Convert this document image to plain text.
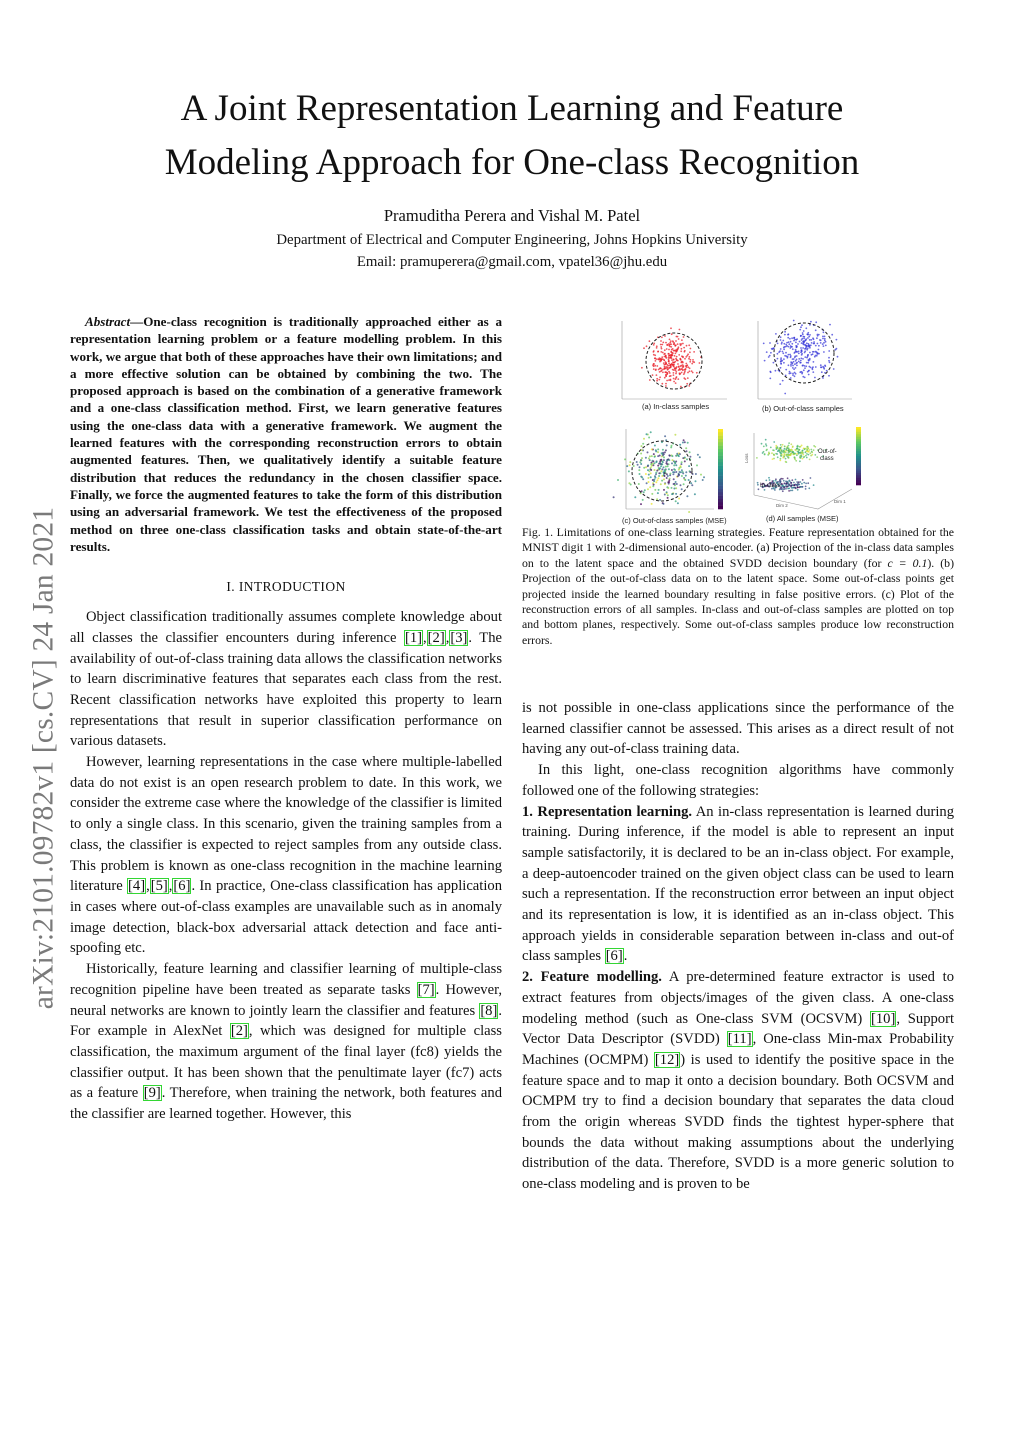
arXiv:2101.09782v1 [cs.CV] 24 Jan 2021
A Joint Representation Learning and Feature
Modeling Approach for One-class Recognition
Pramuditha Perera and Vishal M. Patel
Department of Electrical and Computer Engineering, Johns Hopkins University
Email: pramuperera@gmail.com, vpatel36@jhu.edu

Abstract—One-class recognition is traditionally approached either as a representation learning problem or a feature modelling problem. In this work, we argue that both of these approaches have their own limitations; and a more effective solution can be obtained by combining the two. The proposed approach is based on the combination of a generative framework and a one-class classification method. First, we learn generative features using the one-class data with a generative framework. We augment the learned features with the corresponding reconstruction errors to obtain augmented features. Then, we qualitatively identify a suitable feature distribution that reduces the redundancy in the chosen classifier space. Finally, we force the augmented features to take the form of this distribution using an adversarial framework. We test the effectiveness of the proposed method on three one-class classification tasks and obtain state-of-the-art results.

I. INTRODUCTION

Object classification traditionally assumes complete knowledge about all classes the classifier encounters during inference [1],[2],[3]. The availability of out-of-class training data allows the classification networks to learn discriminative features that separates each class from the rest. Recent classification networks have exploited this property to learn representations that result in superior classification performance on various datasets.

However, learning representations in the case where multiple-labelled data do not exist is an open research problem to date. In this work, we consider the extreme case where the knowledge of the classifier is limited to only a single class. In this scenario, given the training samples from a class, the classifier is expected to reject samples from any outside class. This problem is known as one-class recognition in the machine learning literature [4],[5],[6]. In practice, One-class classification has application in cases where out-of-class examples are unavailable such as in anomaly image detection, black-box adversarial attack detection and face anti-spoofing etc.

Historically, feature learning and classifier learning of multiple-class recognition pipeline have been treated as separate tasks [7]. However, neural networks are known to jointly learn the classifier and features [8]. For example in AlexNet [2], which was designed for multiple class classification, the maximum argument of the final layer (fc8) yields the classifier output. It has been shown that the penultimate layer (fc7) acts as a feature [9]. Therefore, when training the network, both features and the classifier are learned together. However, this

(a) In-class samples	(b) Out-of-class samples
(c) Out-of-class samples (MSE)
Out-of-
class
In-class
Dim 2
Dim 1
Loss
(d) All samples (MSE)

Fig. 1. Limitations of one-class learning strategies. Feature representation obtained for the MNIST digit 1 with 2-dimensional auto-encoder. (a) Projection of the in-class data samples on to the latent space and the obtained SVDD decision boundary (for c = 0.1). (b) Projection of the out-of-class data on to the latent space. Some out-of-class points get projected inside the learned boundary resulting in false positive errors. (c) Plot of the reconstruction errors of all samples. In-class and out-of-class samples are plotted on top and bottom planes, respectively. Some out-of-class samples produce low reconstruction errors.

is not possible in one-class applications since the performance of the learned classifier cannot be assessed. This arises as a direct result of not having any out-of-class training data.

In this light, one-class recognition algorithms have commonly followed one of the following strategies:

1. Representation learning. An in-class representation is learned during training. During inference, if the model is able to represent an input sample satisfactorily, it is declared to be an in-class object. For example, a deep-autoencoder trained on the given object class can be used to learn such a representation. If the reconstruction error between an input object and its representation is low, it is identified as an in-class object. This approach yields in considerable separation between in-class and out-of class samples [6].

2. Feature modelling. A pre-determined feature extractor is used to extract features from objects/images of the given class. A one-class modeling method (such as One-class SVM (OCSVM) [10], Support Vector Data Descriptor (SVDD) [11], One-class Min-max Probability Machines (OCMPM) [12]) is used to identify the positive space in the feature space and to map it onto a decision boundary. Both OCSVM and OCMPM try to find a decision boundary that separates the data cloud from the origin whereas SVDD finds the tightest hyper-sphere that bounds the data without making assumptions about the underlying distribution of the data. Therefore, SVDD is a more generic solution to one-class modeling and is proven to be
